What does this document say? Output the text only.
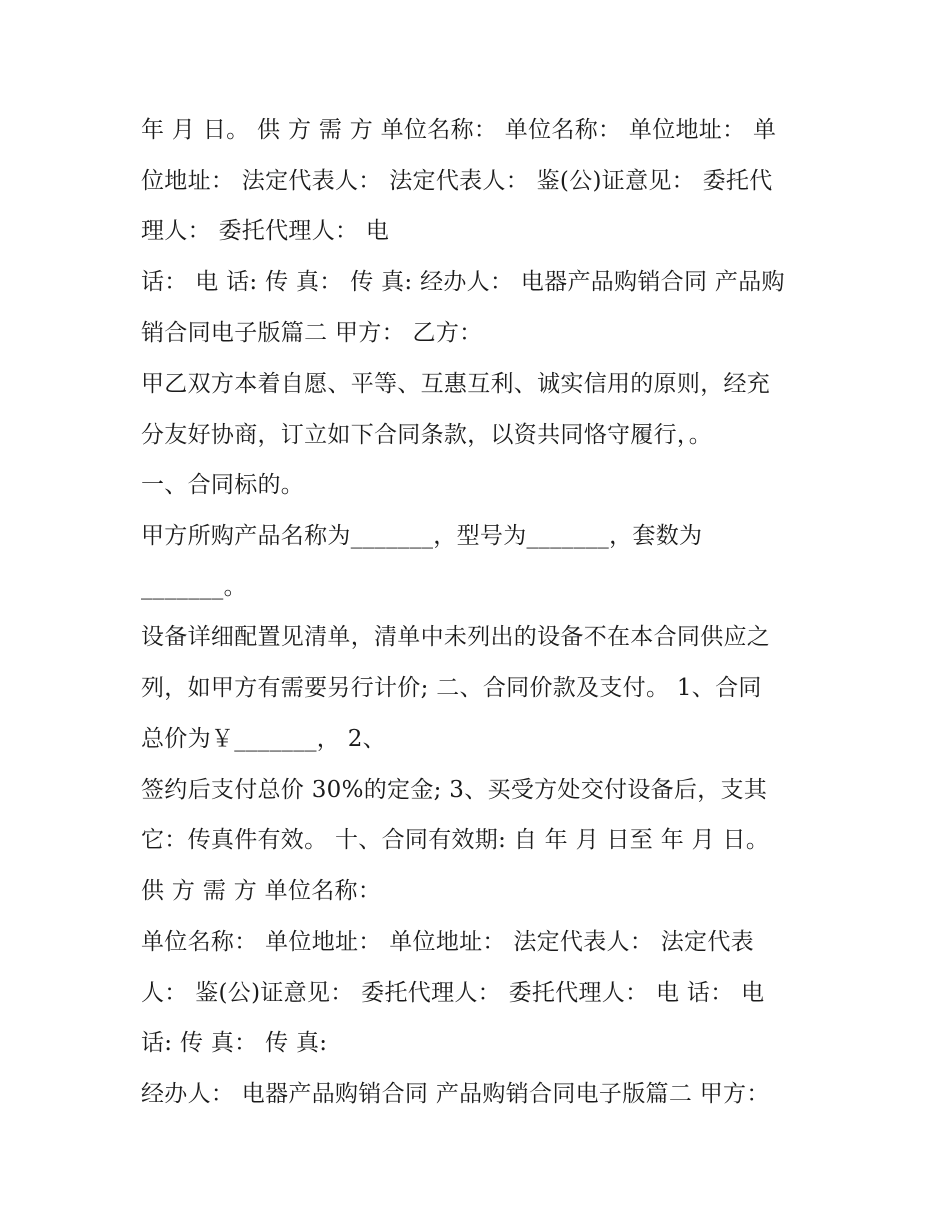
年 月 日。 供 方 需 方 单位名称： 单位名称： 单位地址： 单

位地址： 法定代表人： 法定代表人： 鉴(公)证意见： 委托代

理人： 委托代理人： 电

话： 电 话: 传 真： 传 真: 经办人： 电器产品购销合同 产品购

销合同电子版篇二 甲方： 乙方：

甲乙双方本着自愿、平等、互惠互利、诚实信用的原则，经充

分友好协商，订立如下合同条款，以资共同恪守履行，。

一、合同标的。

甲方所购产品名称为_______，型号为_______，套数为

_______。

设备详细配置见清单，清单中未列出的设备不在本合同供应之

列，如甲方有需要另行计价; 二、合同价款及支付。 1、合同

总价为￥_______， 2、

签约后支付总价 30%的定金; 3、买受方处交付设备后，支其

它：传真件有效。 十、合同有效期: 自 年 月 日至 年 月 日。

供 方 需 方 单位名称：

单位名称： 单位地址： 单位地址： 法定代表人： 法定代表

人： 鉴(公)证意见： 委托代理人： 委托代理人： 电 话： 电

话: 传 真： 传 真:

经办人： 电器产品购销合同 产品购销合同电子版篇二 甲方：
